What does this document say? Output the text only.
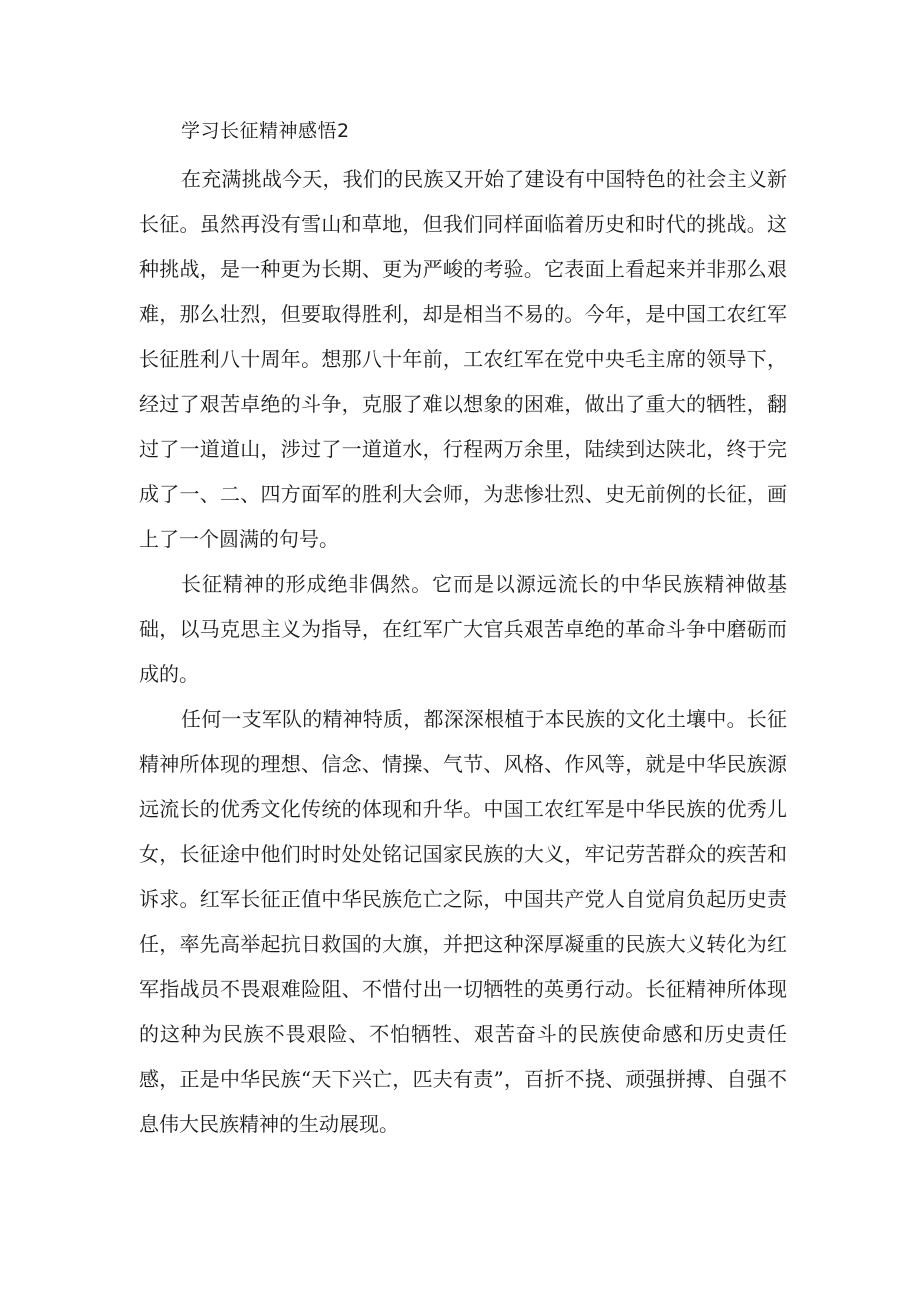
学习长征精神感悟2

在充满挑战今天，我们的民族又开始了建设有中国特色的社会主义新长征。虽然再没有雪山和草地，但我们同样面临着历史和时代的挑战。这种挑战，是一种更为长期、更为严峻的考验。它表面上看起来并非那么艰难，那么壮烈，但要取得胜利，却是相当不易的。今年，是中国工农红军长征胜利八十周年。想那八十年前，工农红军在党中央毛主席的领导下，经过了艰苦卓绝的斗争，克服了难以想象的困难，做出了重大的牺牲，翻过了一道道山，涉过了一道道水，行程两万余里，陆续到达陕北，终于完成了一、二、四方面军的胜利大会师，为悲惨壮烈、史无前例的长征，画上了一个圆满的句号。

长征精神的形成绝非偶然。它而是以源远流长的中华民族精神做基础，以马克思主义为指导，在红军广大官兵艰苦卓绝的革命斗争中磨砺而成的。

任何一支军队的精神特质，都深深根植于本民族的文化土壤中。长征精神所体现的理想、信念、情操、气节、风格、作风等，就是中华民族源远流长的优秀文化传统的体现和升华。中国工农红军是中华民族的优秀儿女，长征途中他们时时处处铭记国家民族的大义，牢记劳苦群众的疾苦和诉求。红军长征正值中华民族危亡之际，中国共产党人自觉肩负起历史责任，率先高举起抗日救国的大旗，并把这种深厚凝重的民族大义转化为红军指战员不畏艰难险阻、不惜付出一切牺牲的英勇行动。长征精神所体现的这种为民族不畏艰险、不怕牺牲、艰苦奋斗的民族使命感和历史责任感，正是中华民族“天下兴亡，匹夫有责”，百折不挠、顽强拼搏、自强不息伟大民族精神的生动展现。
